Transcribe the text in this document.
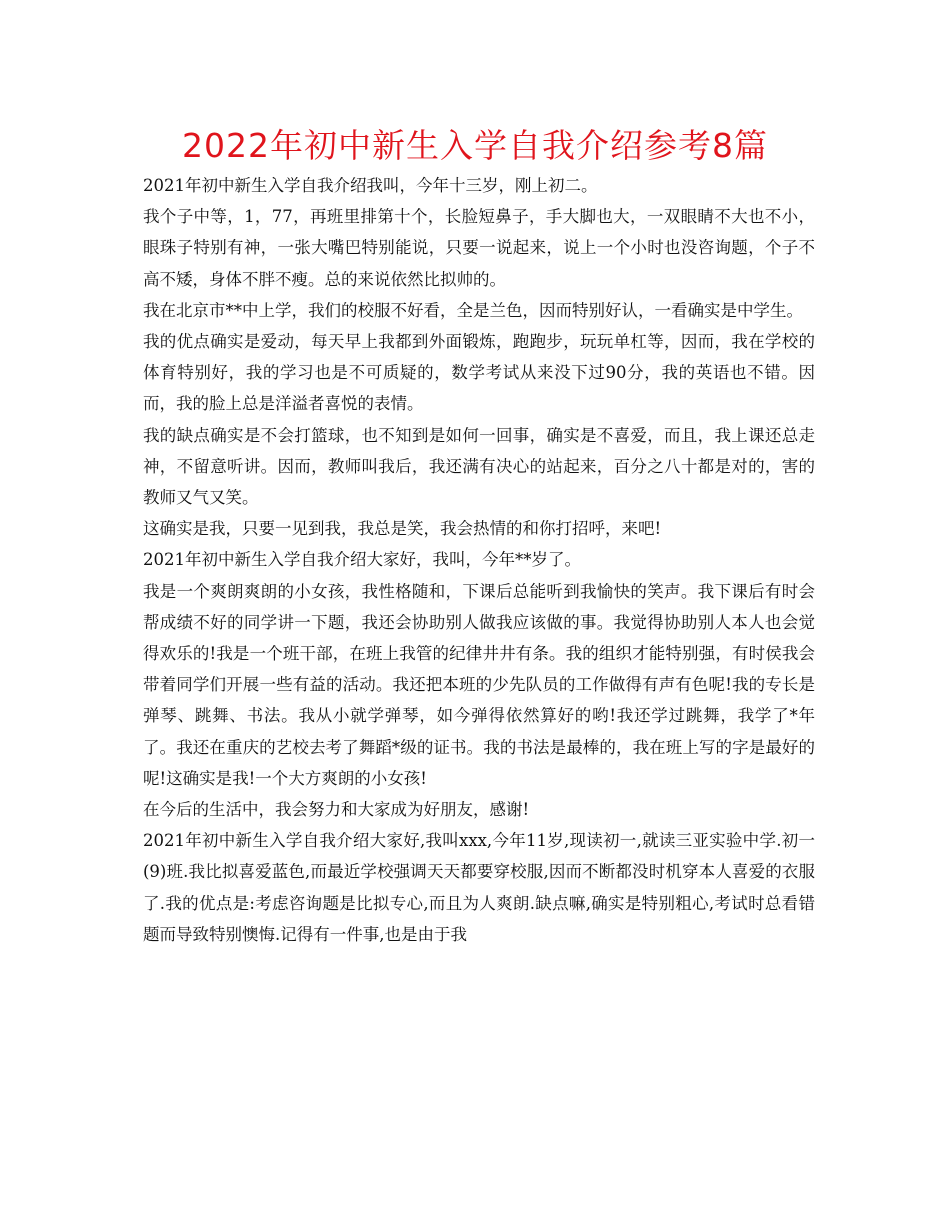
2022年初中新生入学自我介绍参考8篇

2021年初中新生入学自我介绍我叫，今年十三岁，刚上初二。

我个子中等，1，77，再班里排第十个，长脸短鼻子，手大脚也大，一双眼睛不大也不小，眼珠子特别有神，一张大嘴巴特别能说，只要一说起来，说上一个小时也没咨询题，个子不高不矮，身体不胖不瘦。总的来说依然比拟帅的。

我在北京市**中上学，我们的校服不好看，全是兰色，因而特别好认，一看确实是中学生。

我的优点确实是爱动，每天早上我都到外面锻炼，跑跑步，玩玩单杠等，因而，我在学校的体育特别好，我的学习也是不可质疑的，数学考试从来没下过90分，我的英语也不错。因而，我的脸上总是洋溢者喜悦的表情。

我的缺点确实是不会打篮球，也不知到是如何一回事，确实是不喜爱，而且，我上课还总走神，不留意听讲。因而，教师叫我后，我还满有决心的站起来，百分之八十都是对的，害的教师又气又笑。

这确实是我，只要一见到我，我总是笑，我会热情的和你打招呼，来吧!

2021年初中新生入学自我介绍大家好，我叫，今年**岁了。

我是一个爽朗爽朗的小女孩，我性格随和，下课后总能听到我愉快的笑声。我下课后有时会帮成绩不好的同学讲一下题，我还会协助别人做我应该做的事。我觉得协助别人本人也会觉得欢乐的!我是一个班干部，在班上我管的纪律井井有条。我的组织才能特别强，有时侯我会带着同学们开展一些有益的活动。我还把本班的少先队员的工作做得有声有色呢!我的专长是弹琴、跳舞、书法。我从小就学弹琴，如今弹得依然算好的哟!我还学过跳舞，我学了*年了。我还在重庆的艺校去考了舞蹈*级的证书。我的书法是最棒的，我在班上写的字是最好的呢!这确实是我!一个大方爽朗的小女孩!

在今后的生活中，我会努力和大家成为好朋友，感谢!

2021年初中新生入学自我介绍大家好,我叫xxx,今年11岁,现读初一,就读三亚实验中学.初一(9)班.我比拟喜爱蓝色,而最近学校强调天天都要穿校服,因而不断都没时机穿本人喜爱的衣服了.我的优点是:考虑咨询题是比拟专心,而且为人爽朗.缺点嘛,确实是特别粗心,考试时总看错题而导致特别懊悔.记得有一件事,也是由于我
